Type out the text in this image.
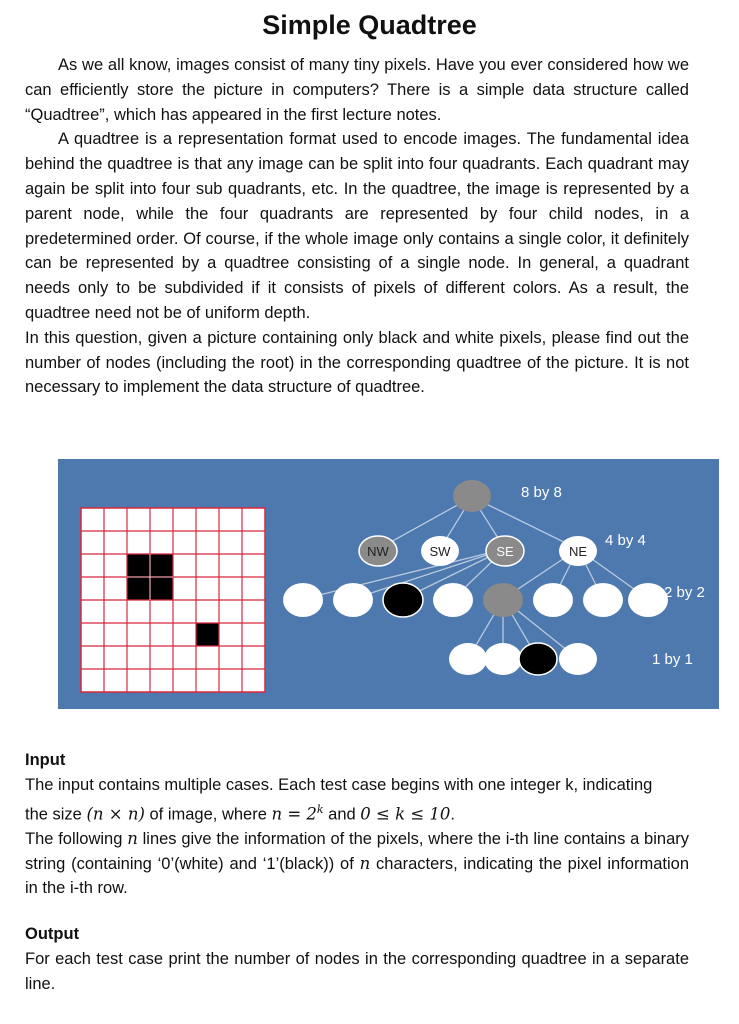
Simple Quadtree

As we all know, images consist of many tiny pixels. Have you ever considered how we can efficiently store the picture in computers? There is a simple data structure called “Quadtree”, which has appeared in the first lecture notes.

A quadtree is a representation format used to encode images. The fundamental idea behind the quadtree is that any image can be split into four quadrants. Each quadrant may again be split into four sub quadrants, etc. In the quadtree, the image is represented by a parent node, while the four quadrants are represented by four child nodes, in a predetermined order. Of course, if the whole image only contains a single color, it definitely can be represented by a quadtree consisting of a single node. In general, a quadrant needs only to be subdivided if it consists of pixels of different colors. As a result, the quadtree need not be of uniform depth.

In this question, given a picture containing only black and white pixels, please find out the number of nodes (including the root) in the corresponding quadtree of the picture. It is not necessary to implement the data structure of quadtree.

8 by 8
NW	SW	SE	NE
4 by 4
2 by 2
1 by 1

Input

The input contains multiple cases. Each test case begins with one integer k, indicating

the size (n × n) of image, where $n = 2^k$ and 0 ≤ k ≤ 10.

The following n lines give the information of the pixels, where the i-th line contains a binary string (containing ‘0’(white) and ‘1’(black)) of n characters, indicating the pixel information in the i-th row.

Output

For each test case print the number of nodes in the corresponding quadtree in a separate line.
